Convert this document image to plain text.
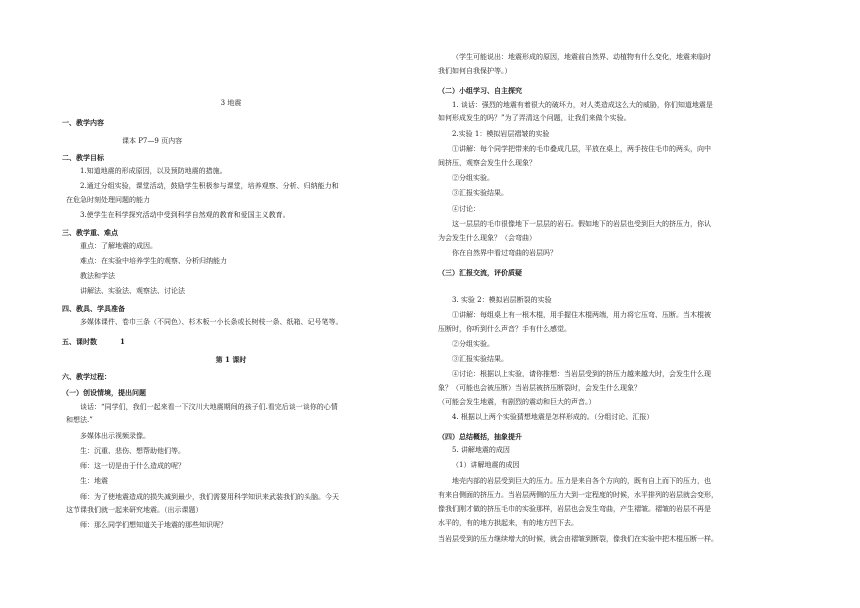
3 地震
一、教学内容
课本 P7—9 页内容
二、教学目标
1.知道地震的形成原因，以及预防地震的措施。
2.通过分组实验，课堂活动，鼓励学生积极参与课堂，培养观察、分析、归纳能力和
在危急时刻处理问题的能力
3.使学生在科学探究活动中受到科学自然观的教育和爱国主义教育。
三、教学重、难点
重点：了解地震的成因。
难点：在实验中培养学生的观察、分析归纳能力
教法和学法
讲解法、实验法、观察法、讨论法
四、教具、学具准备
多媒体课件、卷巾三条（不同色）、杉木板一小长条或长树枝一条、纸箱、记号笔等。
五、课时数	1
第 1 课时
六、教学过程：
（一）创设情境，提出问题
谈话：“同学们，我们一起来看一下汶川大地震期间的孩子们.看完后谈一谈你的心情
和想法.”
多媒体出示视频录像。
生：沉重、悲伤、想帮助他们等。
师：这一切是由于什么造成的呢？
生：地震
师：为了使地震造成的损失减到最少，我们需要用科学知识来武装我们的头脑。今天
这节课我们就一起来研究地震。（出示课题）
师：那么同学们想知道关于地震的那些知识呢？
（学生可能说出：地震形成的原因，地震前自然界、动植物有什么变化，地震来临时
我们如何自我保护等。）
（二）小组学习、自主探究
1. 谈话：强烈的地震有着很大的破坏力，对人类造成这么大的威胁，你们知道地震是
如何形成发生的吗？”为了弄清这个问题，让我们来做个实验。
2.实验 1：模拟岩层褶皱的实验
①讲解：每个同学把带来的毛巾叠成几层，平放在桌上，两手按住毛巾的两头，向中
间挤压，观察会发生什么现象？
②分组实验。
③汇报实验结果。
④讨论：
这一层层的毛巾很像地下一层层的岩石。假如地下的岩层也受到巨大的挤压力，你认
为会发生什么现象？（会弯曲）
你在自然界中看过弯曲的岩层吗？
（三）汇报交流，评价质疑
3. 实验 2：模拟岩层断裂的实验
①讲解：每组桌上有一根木棍，用手握住木棍两端，用力将它压弯、压断。当木棍被
压断时，你听到什么声音？手有什么感觉。
②分组实验。
③汇报实验结果。
④讨论：根据以上实验，请你推想：当岩层受到的挤压力越来越大时，会发生什么现
象？（可能也会被压断）当岩层被挤压断裂时，会发生什么现象？
（可能会发生地震，有剧烈的震动和巨大的声音。）
4. 根据以上两个实验猜想地震是怎样形成的。（分组讨论、汇报）
（四）总结概括，抽象提升
5. 讲解地震的成因
（1）讲解地震的成因
地壳内部的岩层受到巨大的压力。压力是来自各个方向的，既有自上而下的压力，也
有来自侧面的挤压力。当岩层两侧的压力大到一定程度的时候，水平排列的岩层就会变形，
像我们刚才做的挤压毛巾的实验那样，岩层也会发生弯曲，产生褶皱。褶皱的岩层不再是
水平的，有的地方拱起来，有的地方凹下去。
当岩层受到的压力继续增大的时候，就会由褶皱到断裂，像我们在实验中把木棍压断一样。
